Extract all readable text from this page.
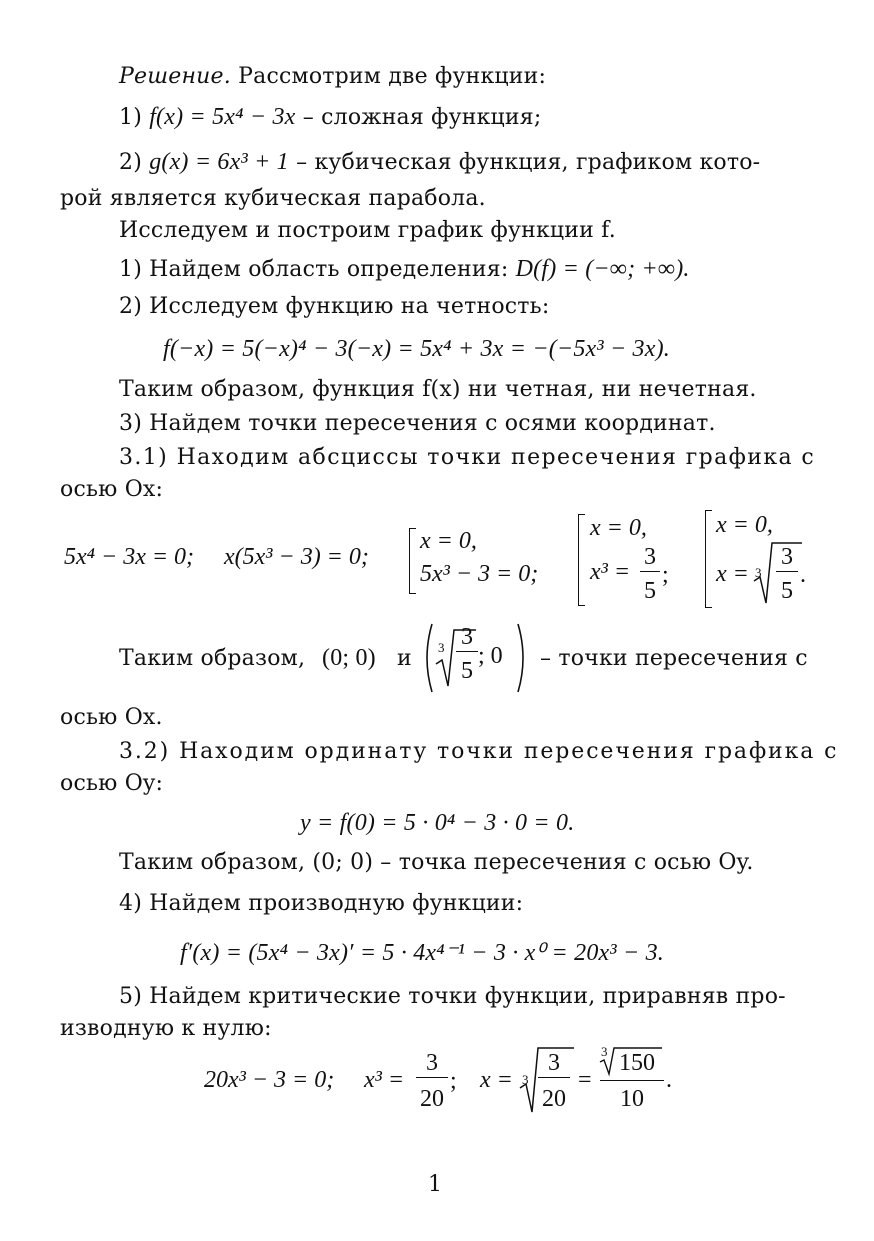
Решение. Рассмотрим две функции:
1) f(x) = 5x⁴ − 3x – сложная функция;
2) g(x) = 6x³ + 1 – кубическая функция, графиком кото-
рой является кубическая парабола.
Исследуем и построим график функции f.
1) Найдем область определения: D(f) = (−∞; +∞).
2) Исследуем функцию на четность:
f(−x) = 5(−x)⁴ − 3(−x) = 5x⁴ + 3x = −(−5x³ − 3x).
Таким образом, функция f(x) ни четная, ни нечетная.
3) Найдем точки пересечения с осями координат.
3.1) Находим абсциссы точки пересечения графика с
осью Ox:
5x⁴ − 3x = 0; x(5x³ − 3) = 0;
x = 0,
5x³ − 3 = 0;
x = 0,
x³ =
3
5
;
x = 0,
x = 3
3
5
.
Таким образом, (0; 0) и 3 3
5
; 0 – точки пересечения с
осью Ox.
3.2) Находим ординату точки пересечения графика с
осью Oy:
y = f(0) = 5 · 0⁴ − 3 · 0 = 0.
Таким образом, (0; 0) – точка пересечения с осью Oy.
4) Найдем производную функции:
f′(x) = (5x⁴ − 3x)′ = 5 · 4x⁴⁻¹ − 3 · x⁰ = 20x³ − 3.
5) Найдем критические точки функции, приравняв про-
изводную к нулю:
20x³ − 3 = 0; x³ =
3
20
; x = 3
3
20
=
3 150
10
.
1
